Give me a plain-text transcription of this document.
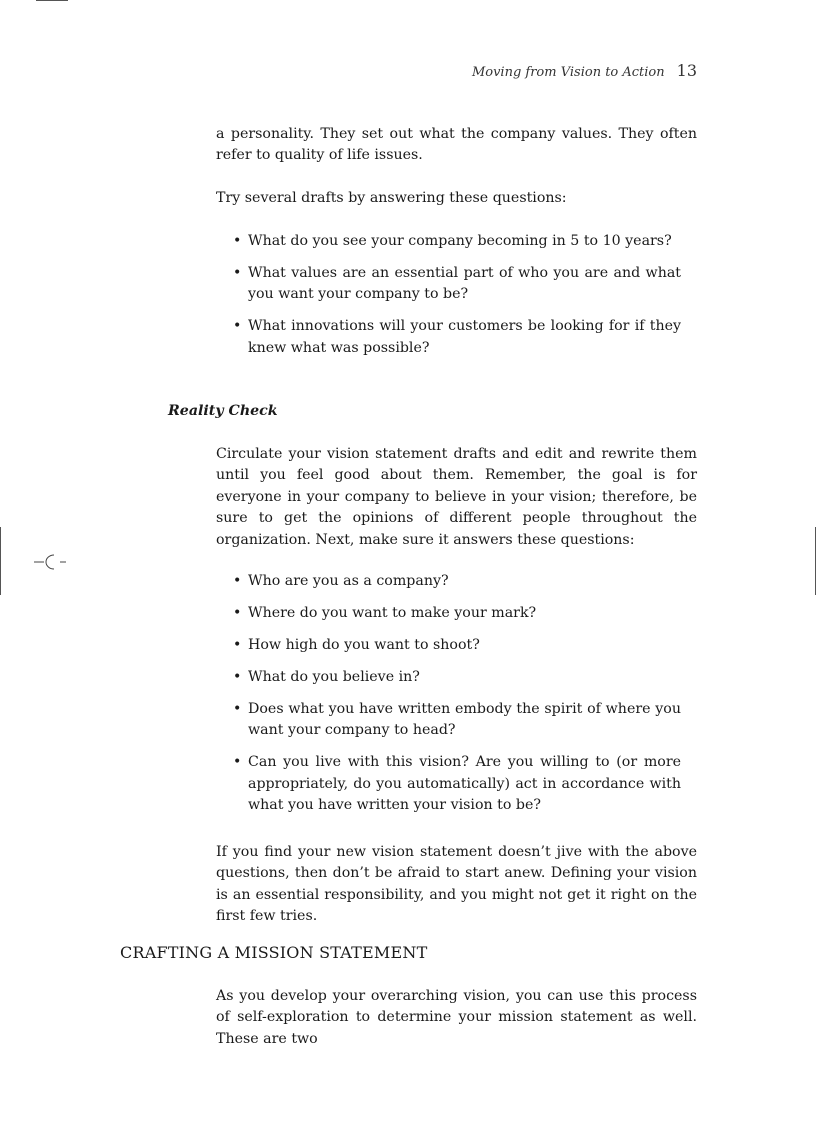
Moving from Vision to Action 13

a personality. They set out what the company values. They often refer to quality of life issues.

Try several drafts by answering these questions:

• What do you see your company becoming in 5 to 10 years?
• What values are an essential part of who you are and what you want your company to be?
• What innovations will your customers be looking for if they knew what was possible?
Reality Check

Circulate your vision statement drafts and edit and rewrite them until you feel good about them. Remember, the goal is for everyone in your company to believe in your vision; therefore, be sure to get the opinions of different people throughout the organization. Next, make sure it answers these questions:

• Who are you as a company?
• Where do you want to make your mark?
• How high do you want to shoot?
• What do you believe in?
• Does what you have written embody the spirit of where you want your company to head?
• Can you live with this vision? Are you willing to (or more appropriately, do you automatically) act in accordance with what you have written your vision to be?

If you find your new vision statement doesn’t jive with the above questions, then don’t be afraid to start anew. Defining your vision is an essential responsibility, and you might not get it right on the first few tries.

CRAFTING A MISSION STATEMENT

As you develop your overarching vision, you can use this process of self-exploration to determine your mission statement as well. These are two
